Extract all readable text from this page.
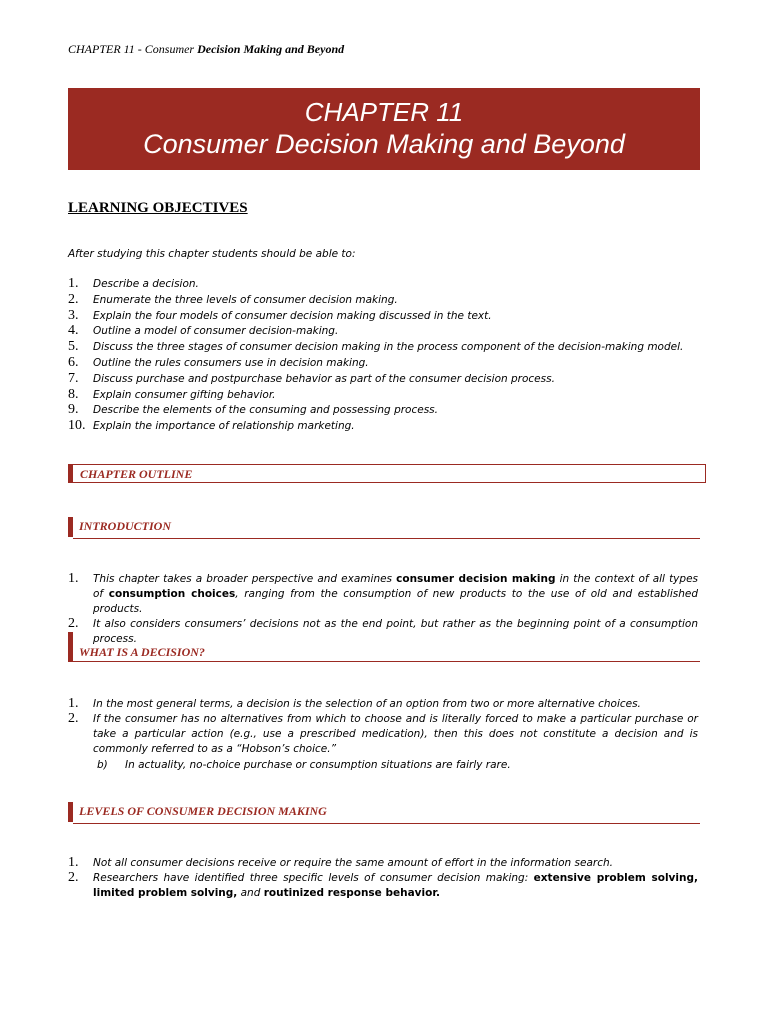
CHAPTER 11 - Consumer Decision Making and Beyond
CHAPTER 11
Consumer Decision Making and Beyond
LEARNING OBJECTIVES
After studying this chapter students should be able to:
1. Describe a decision.
2. Enumerate the three levels of consumer decision making.
3. Explain the four models of consumer decision making discussed in the text.
4. Outline a model of consumer decision-making.
5. Discuss the three stages of consumer decision making in the process component of the decision-making model.
6. Outline the rules consumers use in decision making.
7. Discuss purchase and postpurchase behavior as part of the consumer decision process.
8. Explain consumer gifting behavior.
9. Describe the elements of the consuming and possessing process.
10. Explain the importance of relationship marketing.
CHAPTER OUTLINE
INTRODUCTION
1. This chapter takes a broader perspective and examines consumer decision making in the context of all types of consumption choices, ranging from the consumption of new products to the use of old and established products.
2. It also considers consumers’ decisions not as the end point, but rather as the beginning point of a consumption process.
WHAT IS A DECISION?
1. In the most general terms, a decision is the selection of an option from two or more alternative choices.
2. If the consumer has no alternatives from which to choose and is literally forced to make a particular purchase or take a particular action (e.g., use a prescribed medication), then this does not constitute a decision and is commonly referred to as a “Hobson’s choice.”
b) In actuality, no-choice purchase or consumption situations are fairly rare.
LEVELS OF CONSUMER DECISION MAKING
1. Not all consumer decisions receive or require the same amount of effort in the information search.
2. Researchers have identified three specific levels of consumer decision making: extensive problem solving, limited problem solving, and routinized response behavior.
